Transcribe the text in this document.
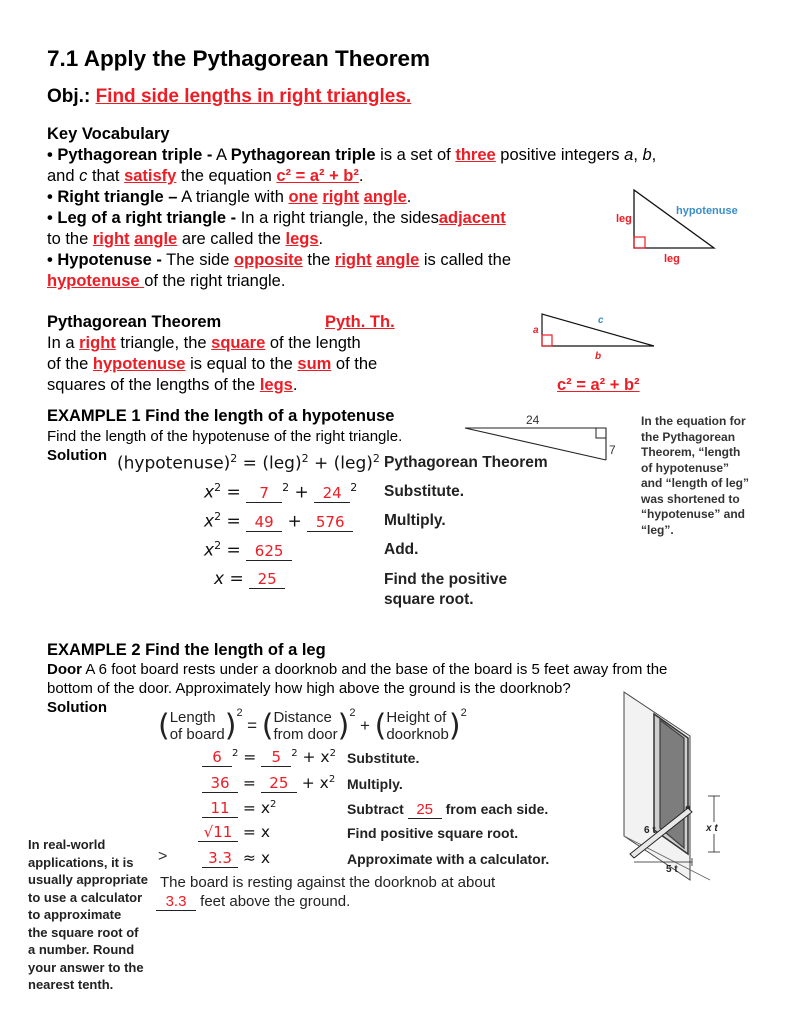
7.1 Apply the Pythagorean Theorem
Obj.: Find side lengths in right triangles.
Key Vocabulary
• Pythagorean triple - A Pythagorean triple is a set of three positive integers a, b,
and c that satisfy the equation c² = a² + b².
• Right triangle – A triangle with one right angle.
• Leg of a right triangle - In a right triangle, the sidesadjacent
to the right angle are called the legs.
• Hypotenuse - The side opposite the right angle is called the
hypotenuse of the right triangle.
leg
hypotenuse
leg
Pythagorean Theorem	Pyth. Th.
In a right triangle, the square of the length
of the hypotenuse is equal to the sum of the
squares of the lengths of the legs.	c² = a² + b²
a
c
b
EXAMPLE 1 Find the length of a hypotenuse
Find the length of the hypotenuse of the right triangle.
Solution
24
7
In the equation for
the Pythagorean
Theorem, “length
of hypotenuse”
and “length of leg”
was shortened to
“hypotenuse” and
“leg”.
(hypotenuse)$^2$ = (leg)$^2$ + (leg)$^2$ Pythagorean Theorem
$x^2 = 7$ $^2$ + 24 $^2$ Substitute.
$x^2 = 49 + 576$	Multiply.
$x^2 = 625$	Add.
x = 25	Find the positive
square root.
EXAMPLE 2 Find the length of a leg
Door A 6 foot board rests under a doorknob and the base of the board is 5 feet away from the
bottom of the door. Approximately how high above the ground is the doorknob?
Solution
( Length
of board )$^2$ = ( Distance
from door )$^2$ + ( Height of
doorknob )$^2$
6 $^2$ = 5 $^2 + x^2$ Substitute.
$36 = 25 + x^2$ Multiply.
$11 = x^2$	Subtract 25 from each side.
√11 = x	Find positive square root.
>	3.3 ≈ x	Approximate with a calculator.
The board is resting against the doorknob at about
3.3 feet above the ground.
In real-world
applications, it is
usually appropriate
to use a calculator
to approximate
the square root of
a number. Round
your answer to the
nearest tenth.
6 t
5 t
x t
